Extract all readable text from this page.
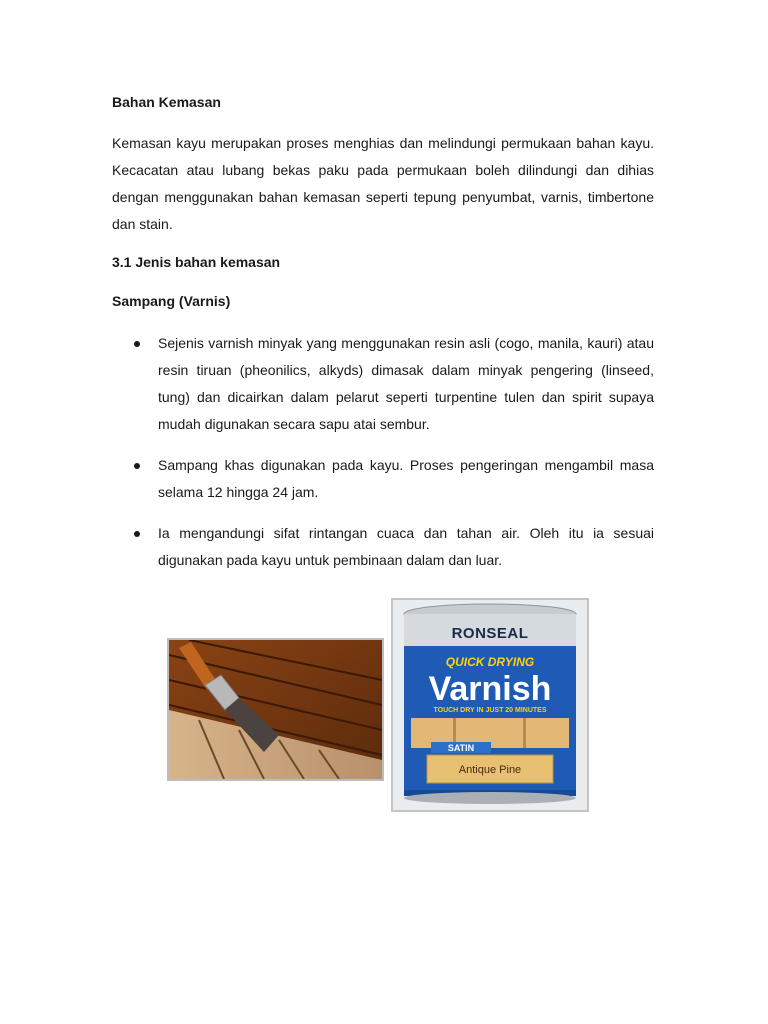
Bahan Kemasan

Kemasan kayu merupakan proses menghias dan melindungi permukaan bahan kayu. Kecacatan atau lubang bekas paku pada permukaan boleh dilindungi dan dihias dengan menggunakan bahan kemasan seperti tepung penyumbat, varnis, timbertone dan stain.

3.1 Jenis bahan kemasan

Sampang (Varnis)

Sejenis varnish minyak yang menggunakan resin asli (cogo, manila, kauri) atau resin tiruan (pheonilics, alkyds) dimasak dalam minyak pengering (linseed, tung) dan dicairkan dalam pelarut seperti turpentine tulen dan spirit supaya mudah digunakan secara sapu atai sembur.
Sampang khas digunakan pada kayu. Proses pengeringan mengambil masa selama 12 hingga 24 jam.
Ia mengandungi sifat rintangan cuaca dan tahan air. Oleh itu ia sesuai digunakan pada kayu untuk pembinaan dalam dan luar.
RONSEAL
QUICK DRYING
Varnish
TOUCH DRY IN JUST 20 MINUTES
SATIN
Antique Pine
